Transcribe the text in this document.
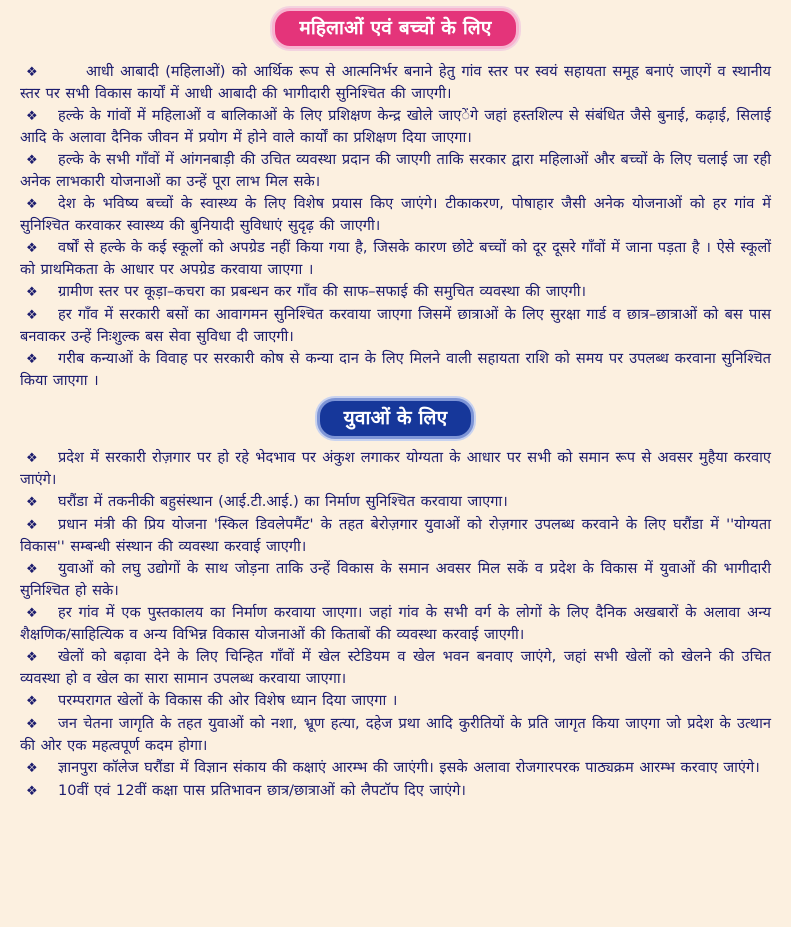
महिलाओं एवं बच्चों के लिए

❖	आधी आबादी (महिलाओं) को आर्थिक रूप से आत्मनिर्भर बनाने हेतु गांव स्तर पर स्वयं सहायता समूह बनाएं जाएगें व स्थानीय स्तर पर सभी विकास कार्यों में आधी आबादी की भागीदारी सुनिश्चित की जाएगी।

❖ हल्के के गांवों में महिलाओं व बालिकाओं के लिए प्रशिक्षण केन्द्र खोले जाएेंगे जहां हस्तशिल्प से संबंधित जैसे बुनाई, कढ़ाई, सिलाई आदि के अलावा दैनिक जीवन में प्रयोग में होने वाले कार्यों का प्रशिक्षण दिया जाएगा।

❖ हल्के के सभी गाँवों में आंगनबाड़ी की उचित व्यवस्था प्रदान की जाएगी ताकि सरकार द्वारा महिलाओं और बच्चों के लिए चलाई जा रही अनेक लाभकारी योजनाओं का उन्हें पूरा लाभ मिल सके।

❖ देश के भविष्य बच्चों के स्वास्थ्य के लिए विशेष प्रयास किए जाएंगे। टीकाकरण, पोषाहार जैसी अनेक योजनाओं को हर गांव में सुनिश्चित करवाकर स्वास्थ्य की बुनियादी सुविधाएं सुदृढ़ की जाएगी।

❖ वर्षों से हल्के के कई स्कूलों को अपग्रेड नहीं किया गया है, जिसके कारण छोटे बच्चों को दूर दूसरे गाँवों में जाना पड़ता है । ऐसे स्कूलों को प्राथमिकता के आधार पर अपग्रेड करवाया जाएगा ।

❖ ग्रामीण स्तर पर कूड़ा–कचरा का प्रबन्धन कर गाँव की साफ–सफाई की समुचित व्यवस्था की जाएगी।

❖ हर गाँव में सरकारी बसों का आवागमन सुनिश्चित करवाया जाएगा जिसमें छात्राओं के लिए सुरक्षा गार्ड व छात्र–छात्राओं को बस पास बनवाकर उन्हें निःशुल्क बस सेवा सुविधा दी जाएगी।

❖ गरीब कन्याओं के विवाह पर सरकारी कोष से कन्या दान के लिए मिलने वाली सहायता राशि को समय पर उपलब्ध करवाना सुनिश्चित किया जाएगा ।

युवाओं के लिए

❖ प्रदेश में सरकारी रोज़गार पर हो रहे भेदभाव पर अंकुश लगाकर योग्यता के आधार पर सभी को समान रूप से अवसर मुहैया करवाए जाएंगे।

❖ घरौंडा में तकनीकी बहुसंस्थान (आई.टी.आई.) का निर्माण सुनिश्चित करवाया जाएगा।

❖ प्रधान मंत्री की प्रिय योजना 'स्किल डिवलेपमैंट' के तहत बेरोज़गार युवाओं को रोज़गार उपलब्ध करवाने के लिए घरौंडा में ''योग्यता विकास'' सम्बन्धी संस्थान की व्यवस्था करवाई जाएगी।

❖ युवाओं को लघु उद्योगों के साथ जोड़ना ताकि उन्हें विकास के समान अवसर मिल सकें व प्रदेश के विकास में युवाओं की भागीदारी सुनिश्चित हो सके।

❖ हर गांव में एक पुस्तकालय का निर्माण करवाया जाएगा। जहां गांव के सभी वर्ग के लोगों के लिए दैनिक अखबारों के अलावा अन्य शैक्षणिक/साहित्यिक व अन्य विभिन्न विकास योजनाओं की किताबों की व्यवस्था करवाई जाएगी।

❖ खेलों को बढ़ावा देने के लिए चिन्हित गाँवों में खेल स्टेडियम व खेल भवन बनवाए जाएंगे, जहां सभी खेलों को खेलने की उचित व्यवस्था हो व खेल का सारा सामान उपलब्ध करवाया जाएगा।

❖ परम्परागत खेलों के विकास की ओर विशेष ध्यान दिया जाएगा ।

❖ जन चेतना जागृति के तहत युवाओं को नशा, भ्रूण हत्या, दहेज प्रथा आदि कुरीतियों के प्रति जागृत किया जाएगा जो प्रदेश के उत्थान की ओर एक महत्वपूर्ण कदम होगा।

❖ ज्ञानपुरा कॉलेज घरौंडा में विज्ञान संकाय की कक्षाएं आरम्भ की जाएंगी। इसके अलावा रोजगारपरक पाठ्यक्रम आरम्भ करवाए जाएंगे।

❖ 10वीं एवं 12वीं कक्षा पास प्रतिभावन छात्र/छात्राओं को लैपटॉप दिए जाएंगे।
